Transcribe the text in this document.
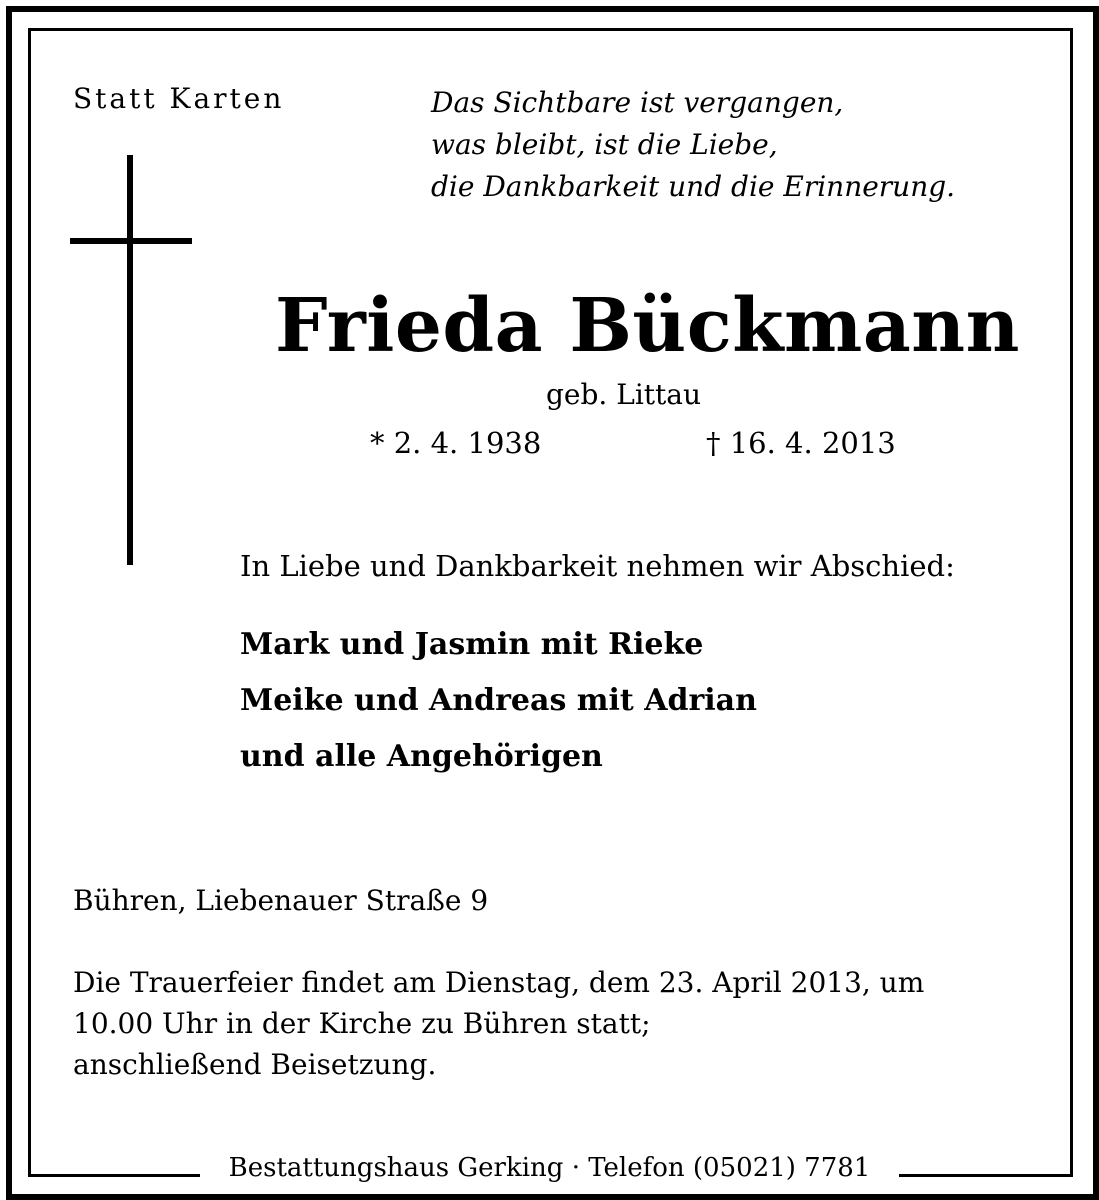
Statt Karten	Das Sichtbare ist vergangen,
was bleibt, ist die Liebe,
die Dankbarkeit und die Erinnerung.
Frieda Bückmann
geb. Littau
* 2. 4. 1938	† 16. 4. 2013
In Liebe und Dankbarkeit nehmen wir Abschied:
Mark und Jasmin mit Rieke
Meike und Andreas mit Adrian
und alle Angehörigen
Bühren, Liebenauer Straße 9
Die Trauerfeier findet am Dienstag, dem 23. April 2013, um
10.00 Uhr in der Kirche zu Bühren statt;
anschließend Beisetzung.
Bestattungshaus Gerking · Telefon (05021) 7781
